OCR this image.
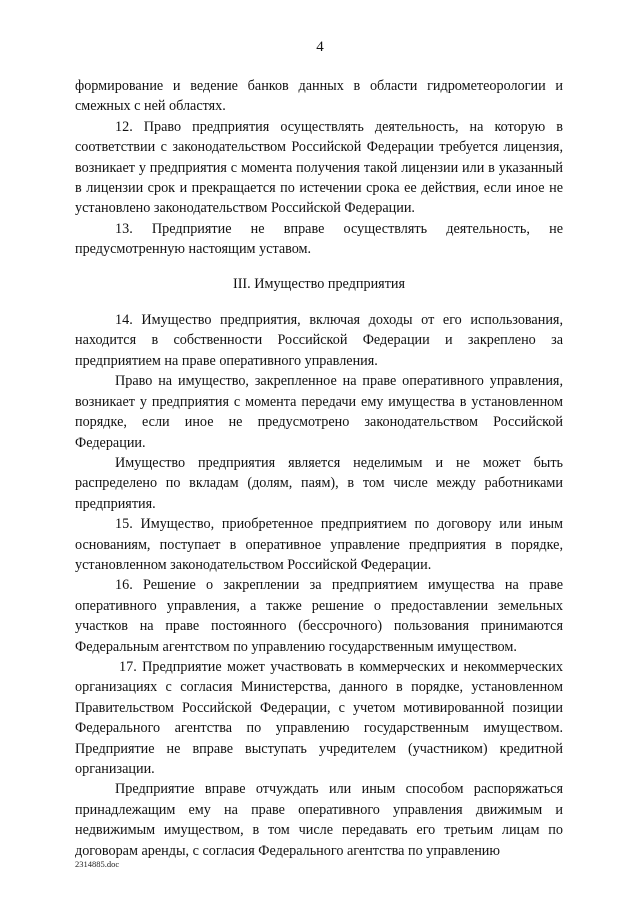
4

формирование и ведение банков данных в области гидрометеорологии и смежных с ней областях.

12. Право предприятия осуществлять деятельность, на которую в соответствии с законодательством Российской Федерации требуется лицензия, возникает у предприятия с момента получения такой лицензии или в указанный в лицензии срок и прекращается по истечении срока ее действия, если иное не установлено законодательством Российской Федерации.

13. Предприятие не вправе осуществлять деятельность, не предусмотренную настоящим уставом.

III. Имущество предприятия

14. Имущество предприятия, включая доходы от его использования, находится в собственности Российской Федерации и закреплено за предприятием на праве оперативного управления.

Право на имущество, закрепленное на праве оперативного управления, возникает у предприятия с момента передачи ему имущества в установленном порядке, если иное не предусмотрено законодательством Российской Федерации.

Имущество предприятия является неделимым и не может быть распределено по вкладам (долям, паям), в том числе между работниками предприятия.

15. Имущество, приобретенное предприятием по договору или иным основаниям, поступает в оперативное управление предприятия в порядке, установленном законодательством Российской Федерации.

16. Решение о закреплении за предприятием имущества на праве оперативного управления, а также решение о предоставлении земельных участков на праве постоянного (бессрочного) пользования принимаются Федеральным агентством по управлению государственным имуществом.

17. Предприятие может участвовать в коммерческих и некоммерческих организациях с согласия Министерства, данного в порядке, установленном Правительством Российской Федерации, с учетом мотивированной позиции Федерального агентства по управлению государственным имуществом. Предприятие не вправе выступать учредителем (участником) кредитной организации.

Предприятие вправе отчуждать или иным способом распоряжаться принадлежащим ему на праве оперативного управления движимым и недвижимым имуществом, в том числе передавать его третьим лицам по договорам аренды, с согласия Федерального агентства по управлению

2314885.doc
